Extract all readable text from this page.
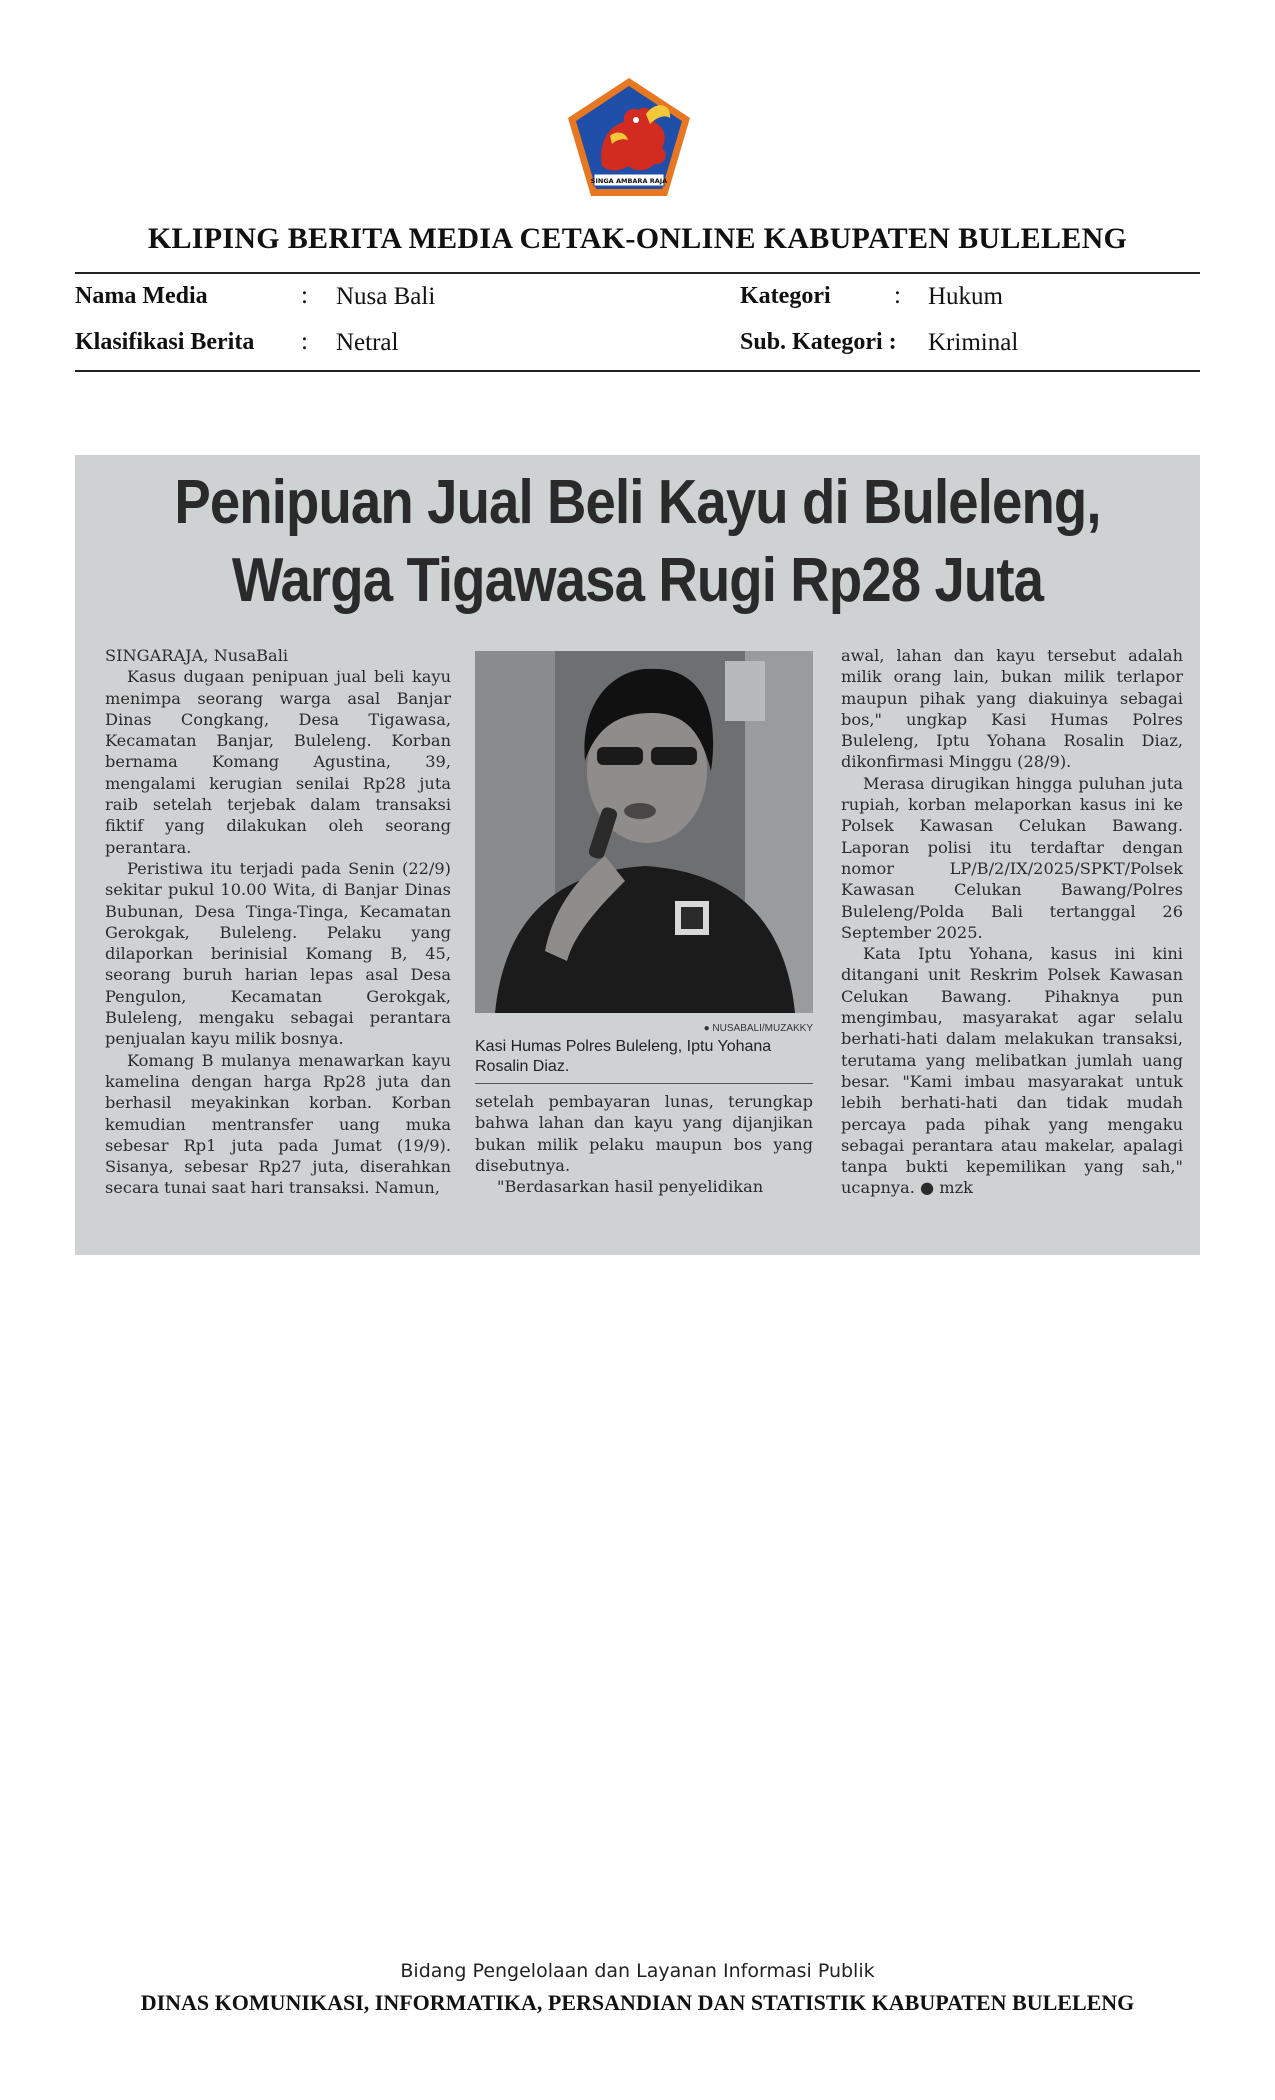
SINGA AMBARA RAJA
KLIPING BERITA MEDIA CETAK-ONLINE KABUPATEN BULELENG
Nama Media	: Nusa Bali
Klasifikasi Berita : Netral
Kategori	: Hukum
Sub. Kategori : Kriminal
Penipuan Jual Beli Kayu di Buleleng,
Warga Tigawasa Rugi Rp28 Juta

SINGARAJA, NusaBali

Kasus dugaan penipuan jual beli kayu menimpa seorang warga asal Banjar Dinas Congkang, Desa Tigawasa, Kecamatan Banjar, Buleleng. Korban bernama Komang Agustina, 39, mengalami kerugian senilai Rp28 juta raib setelah terjebak dalam transaksi fiktif yang dilakukan oleh seorang perantara.

Peristiwa itu terjadi pada Senin (22/9) sekitar pukul 10.00 Wita, di Banjar Dinas Bubunan, Desa Tinga-Tinga, Kecamatan Gerokgak, Buleleng. Pelaku yang dilaporkan berinisial Komang B, 45, seorang buruh harian lepas asal Desa Pengulon, Kecamatan Gerokgak, Buleleng, mengaku sebagai perantara penjualan kayu milik bosnya.

Komang B mulanya menawarkan kayu kamelina dengan harga Rp28 juta dan berhasil meyakinkan korban. Korban kemudian mentransfer uang muka sebesar Rp1 juta pada Jumat (19/9). Sisanya, sebesar Rp27 juta, diserahkan secara tunai saat hari transaksi. Namun,

● NUSABALI/MUZAKKY
Kasi Humas Polres Buleleng, Iptu Yohana Rosalin Diaz.

setelah pembayaran lunas, terungkap bahwa lahan dan kayu yang dijanjikan bukan milik pelaku maupun bos yang disebutnya.

"Berdasarkan hasil penyelidikan

awal, lahan dan kayu tersebut adalah milik orang lain, bukan milik terlapor maupun pihak yang diakuinya sebagai bos," ungkap Kasi Humas Polres Buleleng, Iptu Yohana Rosalin Diaz, dikonfirmasi Minggu (28/9).

Merasa dirugikan hingga puluhan juta rupiah, korban melaporkan kasus ini ke Polsek Kawasan Celukan Bawang. Laporan polisi itu terdaftar dengan nomor LP/B/2/IX/2025/SPKT/Polsek Kawasan Celukan Bawang/Polres Buleleng/Polda Bali tertanggal 26 September 2025.

Kata Iptu Yohana, kasus ini kini ditangani unit Reskrim Polsek Kawasan Celukan Bawang. Pihaknya pun mengimbau, masyarakat agar selalu berhati-hati dalam melakukan transaksi, terutama yang melibatkan jumlah uang besar. "Kami imbau masyarakat untuk lebih berhati-hati dan tidak mudah percaya pada pihak yang mengaku sebagai perantara atau makelar, apalagi tanpa bukti kepemilikan yang sah," ucapnya. ● mzk

Bidang Pengelolaan dan Layanan Informasi Publik
DINAS KOMUNIKASI, INFORMATIKA, PERSANDIAN DAN STATISTIK KABUPATEN BULELENG
